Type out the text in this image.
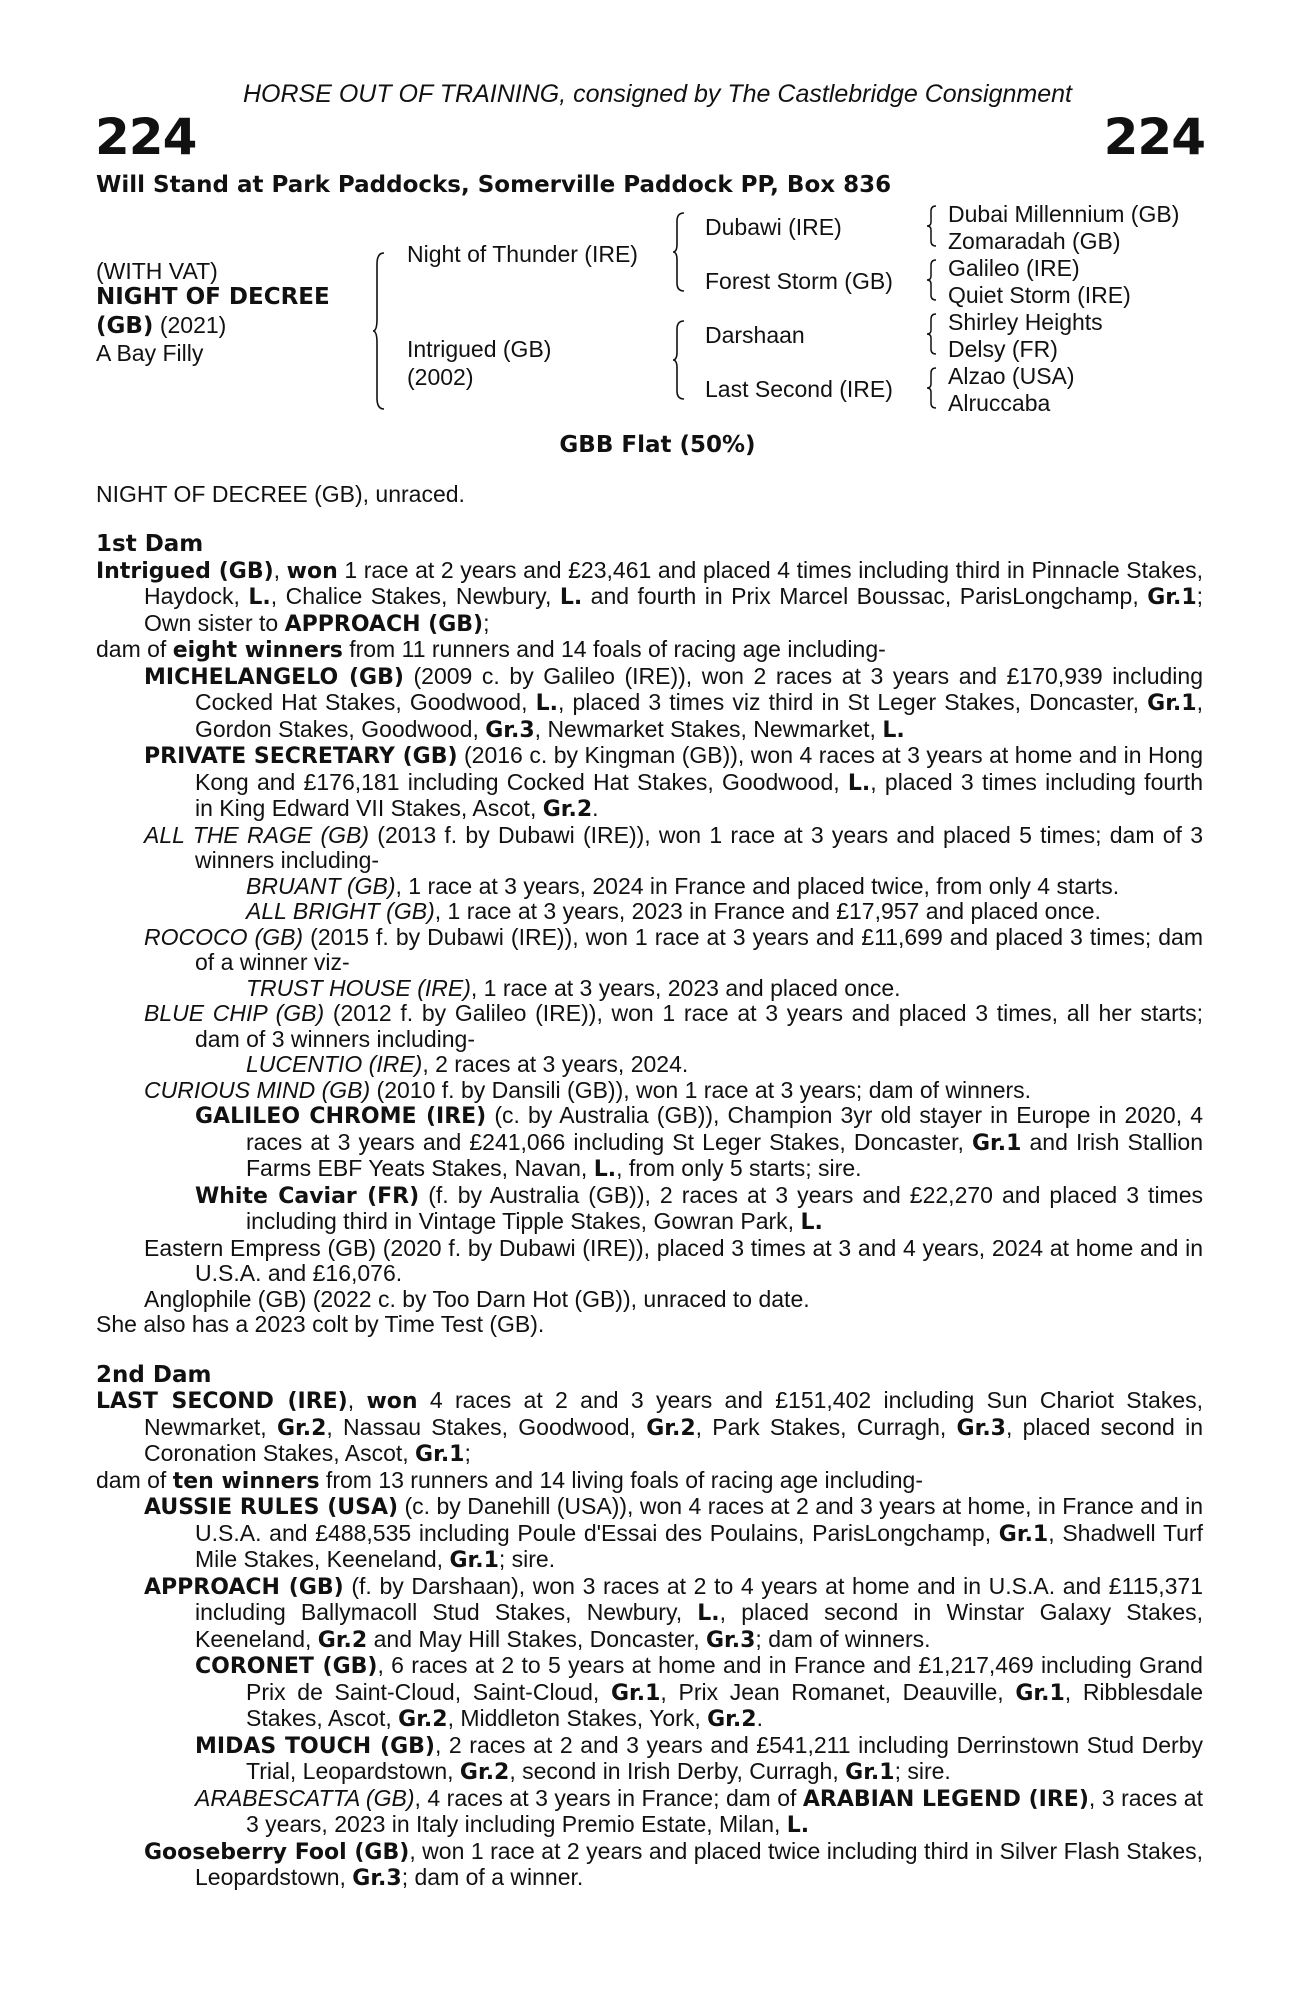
HORSE OUT OF TRAINING, consigned by The Castlebridge Consignment
224	224
Will Stand at Park Paddocks, Somerville Paddock PP, Box 836
(WITH VAT)
NIGHT OF DECREE
(GB) (2021)
A Bay Filly
Night of Thunder (IRE)
Intrigued (GB)
(2002)
Dubawi (IRE)
Forest Storm (GB)
Darshaan
Last Second (IRE)
Dubai Millennium (GB)
Zomaradah (GB)
Galileo (IRE)
Quiet Storm (IRE)
Shirley Heights
Delsy (FR)
Alzao (USA)
Alruccaba
GBB Flat (50%)
NIGHT OF DECREE (GB), unraced.
1st Dam
Intrigued (GB), won 1 race at 2 years and £23,461 and placed 4 times including third in Pinnacle Stakes, Haydock, L., Chalice Stakes, Newbury, L. and fourth in Prix Marcel Boussac, ParisLongchamp, Gr.1; Own sister to APPROACH (GB);
dam of eight winners from 11 runners and 14 foals of racing age including-
MICHELANGELO (GB) (2009 c. by Galileo (IRE)), won 2 races at 3 years and £170,939 including Cocked Hat Stakes, Goodwood, L., placed 3 times viz third in St Leger Stakes, Doncaster, Gr.1, Gordon Stakes, Goodwood, Gr.3, Newmarket Stakes, Newmarket, L.
PRIVATE SECRETARY (GB) (2016 c. by Kingman (GB)), won 4 races at 3 years at home and in Hong Kong and £176,181 including Cocked Hat Stakes, Goodwood, L., placed 3 times including fourth in King Edward VII Stakes, Ascot, Gr.2.
ALL THE RAGE (GB) (2013 f. by Dubawi (IRE)), won 1 race at 3 years and placed 5 times; dam of 3 winners including-
BRUANT (GB), 1 race at 3 years, 2024 in France and placed twice, from only 4 starts.
ALL BRIGHT (GB), 1 race at 3 years, 2023 in France and £17,957 and placed once.
ROCOCO (GB) (2015 f. by Dubawi (IRE)), won 1 race at 3 years and £11,699 and placed 3 times; dam of a winner viz-
TRUST HOUSE (IRE), 1 race at 3 years, 2023 and placed once.
BLUE CHIP (GB) (2012 f. by Galileo (IRE)), won 1 race at 3 years and placed 3 times, all her starts; dam of 3 winners including-
LUCENTIO (IRE), 2 races at 3 years, 2024.
CURIOUS MIND (GB) (2010 f. by Dansili (GB)), won 1 race at 3 years; dam of winners.
GALILEO CHROME (IRE) (c. by Australia (GB)), Champion 3yr old stayer in Europe in 2020, 4 races at 3 years and £241,066 including St Leger Stakes, Doncaster, Gr.1 and Irish Stallion Farms EBF Yeats Stakes, Navan, L., from only 5 starts; sire.
White Caviar (FR) (f. by Australia (GB)), 2 races at 3 years and £22,270 and placed 3 times including third in Vintage Tipple Stakes, Gowran Park, L.
Eastern Empress (GB) (2020 f. by Dubawi (IRE)), placed 3 times at 3 and 4 years, 2024 at home and in U.S.A. and £16,076.
Anglophile (GB) (2022 c. by Too Darn Hot (GB)), unraced to date.
She also has a 2023 colt by Time Test (GB).
2nd Dam
LAST SECOND (IRE), won 4 races at 2 and 3 years and £151,402 including Sun Chariot Stakes, Newmarket, Gr.2, Nassau Stakes, Goodwood, Gr.2, Park Stakes, Curragh, Gr.3, placed second in Coronation Stakes, Ascot, Gr.1;
dam of ten winners from 13 runners and 14 living foals of racing age including-
AUSSIE RULES (USA) (c. by Danehill (USA)), won 4 races at 2 and 3 years at home, in France and in U.S.A. and £488,535 including Poule d'Essai des Poulains, ParisLongchamp, Gr.1, Shadwell Turf Mile Stakes, Keeneland, Gr.1; sire.
APPROACH (GB) (f. by Darshaan), won 3 races at 2 to 4 years at home and in U.S.A. and £115,371 including Ballymacoll Stud Stakes, Newbury, L., placed second in Winstar Galaxy Stakes, Keeneland, Gr.2 and May Hill Stakes, Doncaster, Gr.3; dam of winners.
CORONET (GB), 6 races at 2 to 5 years at home and in France and £1,217,469 including Grand Prix de Saint-Cloud, Saint-Cloud, Gr.1, Prix Jean Romanet, Deauville, Gr.1, Ribblesdale Stakes, Ascot, Gr.2, Middleton Stakes, York, Gr.2.
MIDAS TOUCH (GB), 2 races at 2 and 3 years and £541,211 including Derrinstown Stud Derby Trial, Leopardstown, Gr.2, second in Irish Derby, Curragh, Gr.1; sire.
ARABESCATTA (GB), 4 races at 3 years in France; dam of ARABIAN LEGEND (IRE), 3 races at 3 years, 2023 in Italy including Premio Estate, Milan, L.
Gooseberry Fool (GB), won 1 race at 2 years and placed twice including third in Silver Flash Stakes, Leopardstown, Gr.3; dam of a winner.
